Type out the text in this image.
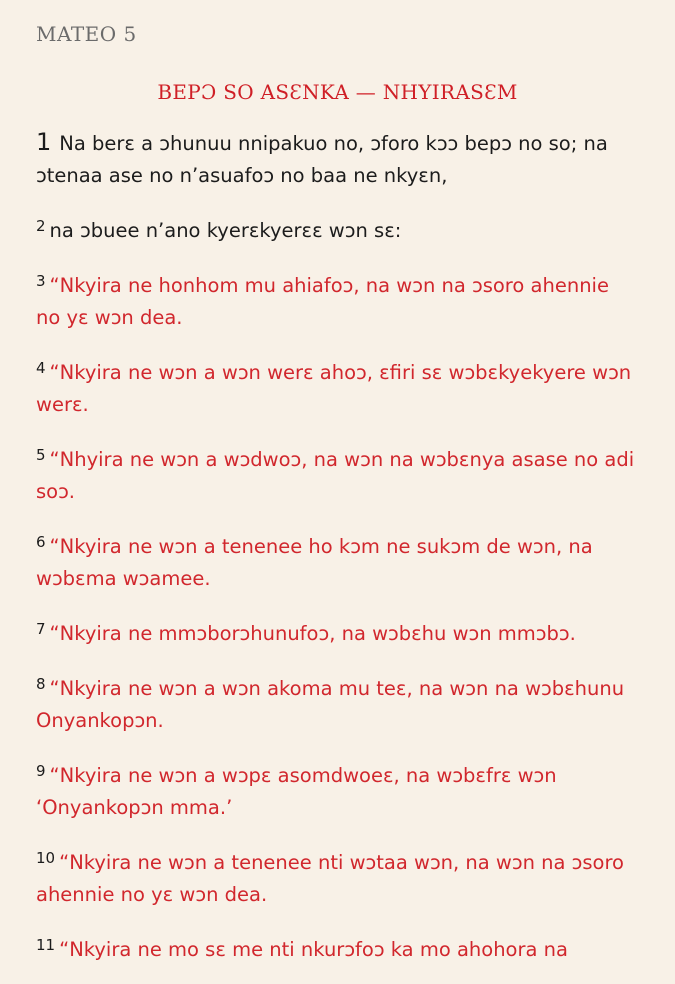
MATEO 5
BEPƆ SO ASƐNKA — NHYIRASƐM

1 Na berɛ a ɔhunuu nnipakuo no, ɔforo kɔɔ bepɔ no so; na ɔtenaa ase no n’asuafoɔ no baa ne nkyɛn,

$^2$ na ɔbuee n’ano kyerɛkyerɛɛ wɔn sɛ:

$^3$ “Nkyira ne honhom mu ahiafoɔ, na wɔn na ɔsoro ahennie no yɛ wɔn dea.

$^4$ “Nkyira ne wɔn a wɔn werɛ ahoɔ, ɛfiri sɛ wɔbɛkyekyere wɔn werɛ.

$^5$ “Nhyira ne wɔn a wɔdwoɔ, na wɔn na wɔbɛnya asase no adi soɔ.

$^6$ “Nkyira ne wɔn a tenenee ho kɔm ne sukɔm de wɔn, na wɔbɛma wɔamee.

$^7$ “Nkyira ne mmɔborɔhunufoɔ, na wɔbɛhu wɔn mmɔbɔ.

$^8$ “Nkyira ne wɔn a wɔn akoma mu teɛ, na wɔn na wɔbɛhunu Onyankopɔn.

$^9$ “Nkyira ne wɔn a wɔpɛ asomdwoeɛ, na wɔbɛfrɛ wɔn ‘Onyankopɔn mma.’

$^{10}$ “Nkyira ne wɔn a tenenee nti wɔtaa wɔn, na wɔn na ɔsoro ahennie no yɛ wɔn dea.

$^{11}$ “Nkyira ne mo sɛ me nti nkurɔfoɔ ka mo ahohora na
